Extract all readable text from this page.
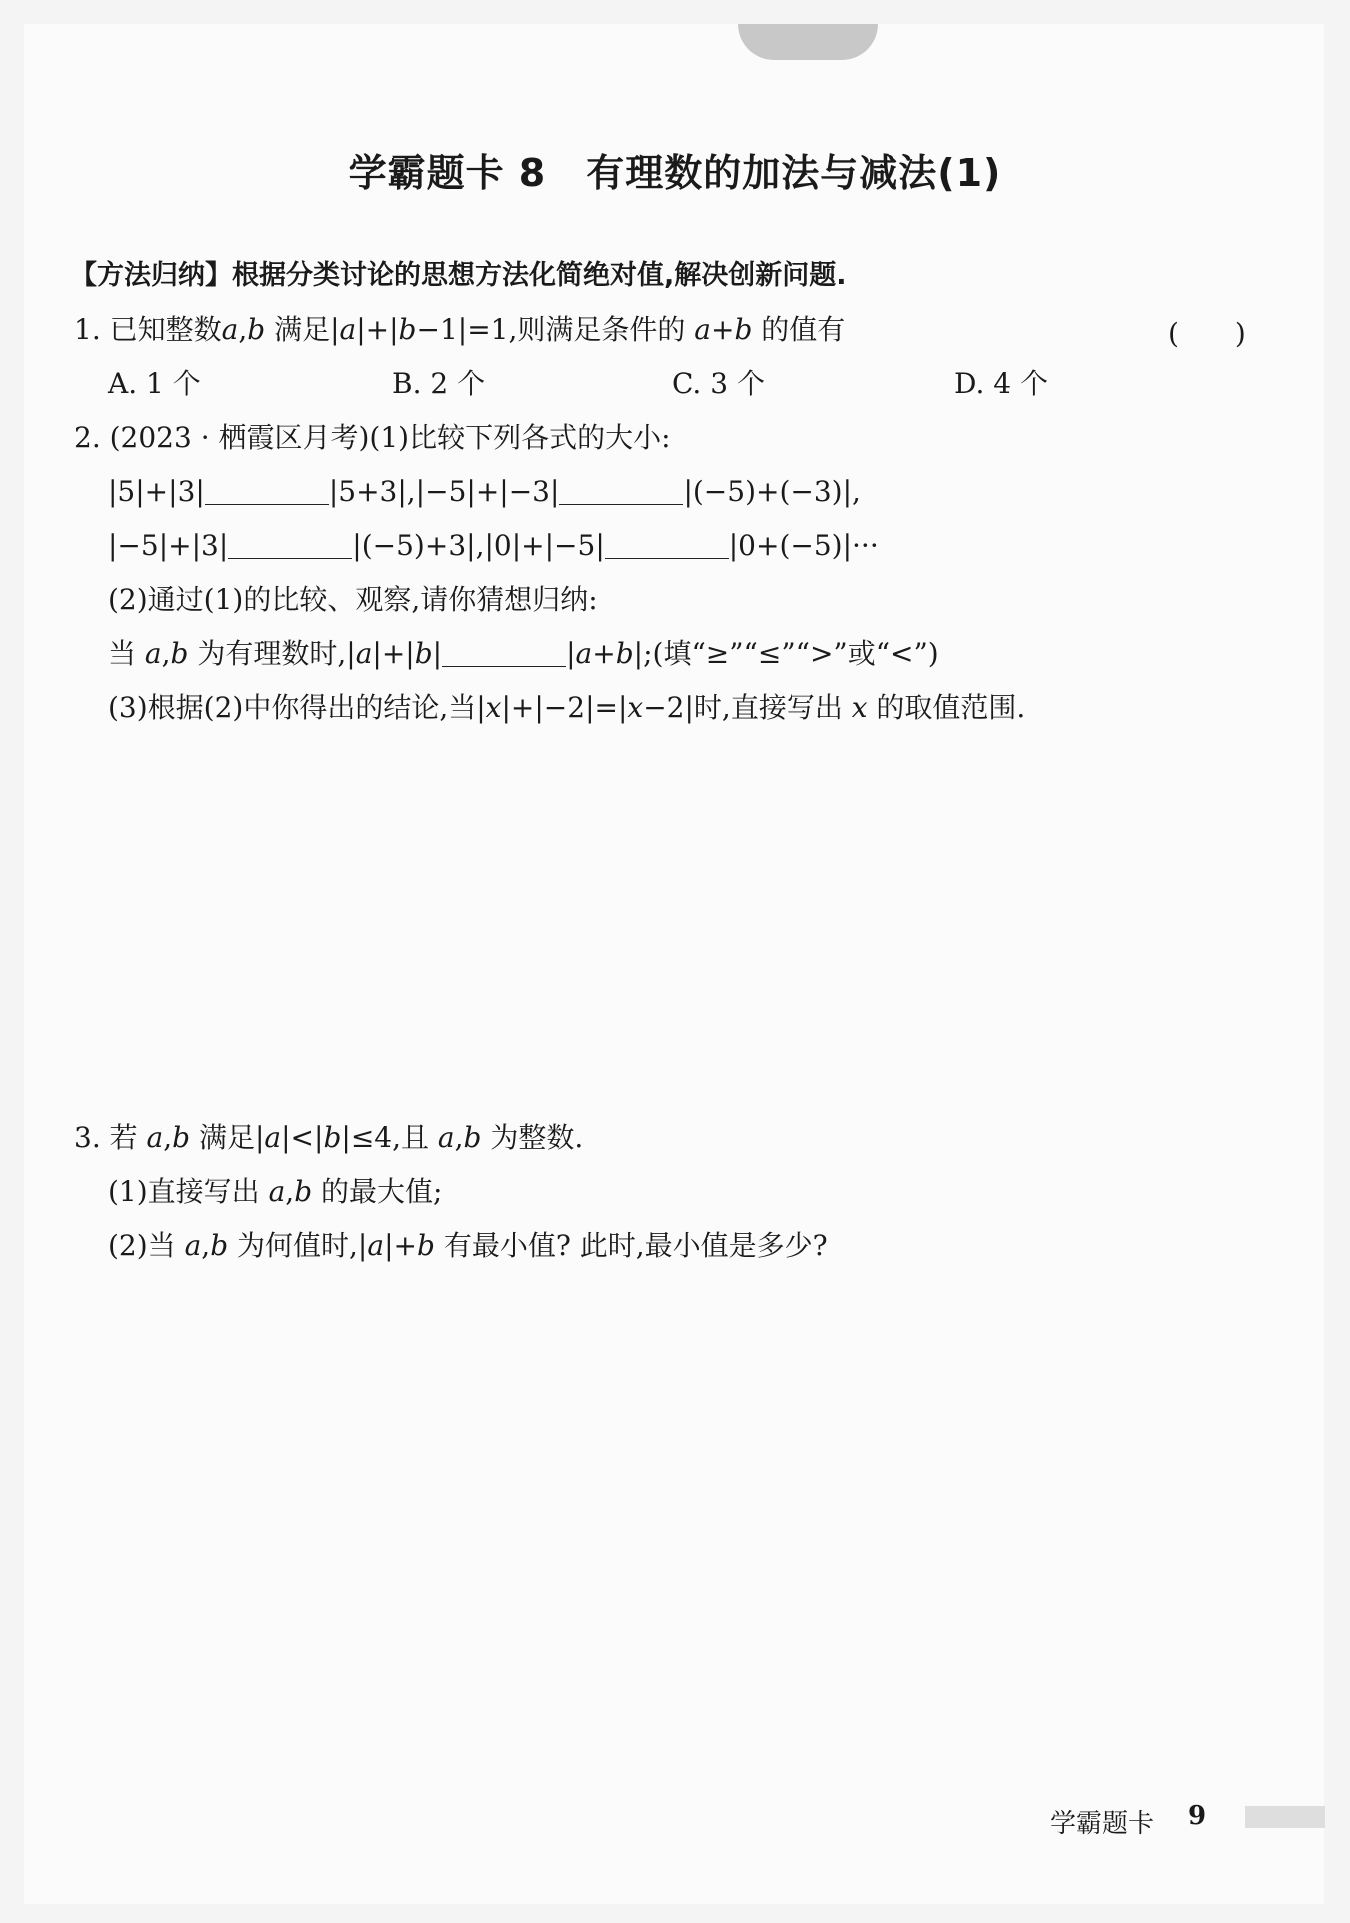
学霸题卡 8 有理数的加法与减法(1)
【方法归纳】根据分类讨论的思想方法化简绝对值,解决创新问题.
1. 已知整数a,b 满足|a|+|b−1|=1,则满足条件的 a+b 的值有	(　　)
A. 1 个	B. 2 个	C. 3 个	D. 4 个
2. (2023 · 栖霞区月考)(1)比较下列各式的大小:
|5|+|3|	|5+3|,|−5|+|−3|	|(−5)+(−3)|,
|−5|+|3|	|(−5)+3|,|0|+|−5|	|0+(−5)|···
(2)通过(1)的比较、观察,请你猜想归纳:
当 a,b 为有理数时,|a|+|b|	|a+b|;(填“≥”“≤”“>”或“<”)
(3)根据(2)中你得出的结论,当|x|+|−2|=|x−2|时,直接写出 x 的取值范围.
3. 若 a,b 满足|a|<|b|≤4,且 a,b 为整数.
(1)直接写出 a,b 的最大值;
(2)当 a,b 为何值时,|a|+b 有最小值? 此时,最小值是多少?
学霸题卡 9
